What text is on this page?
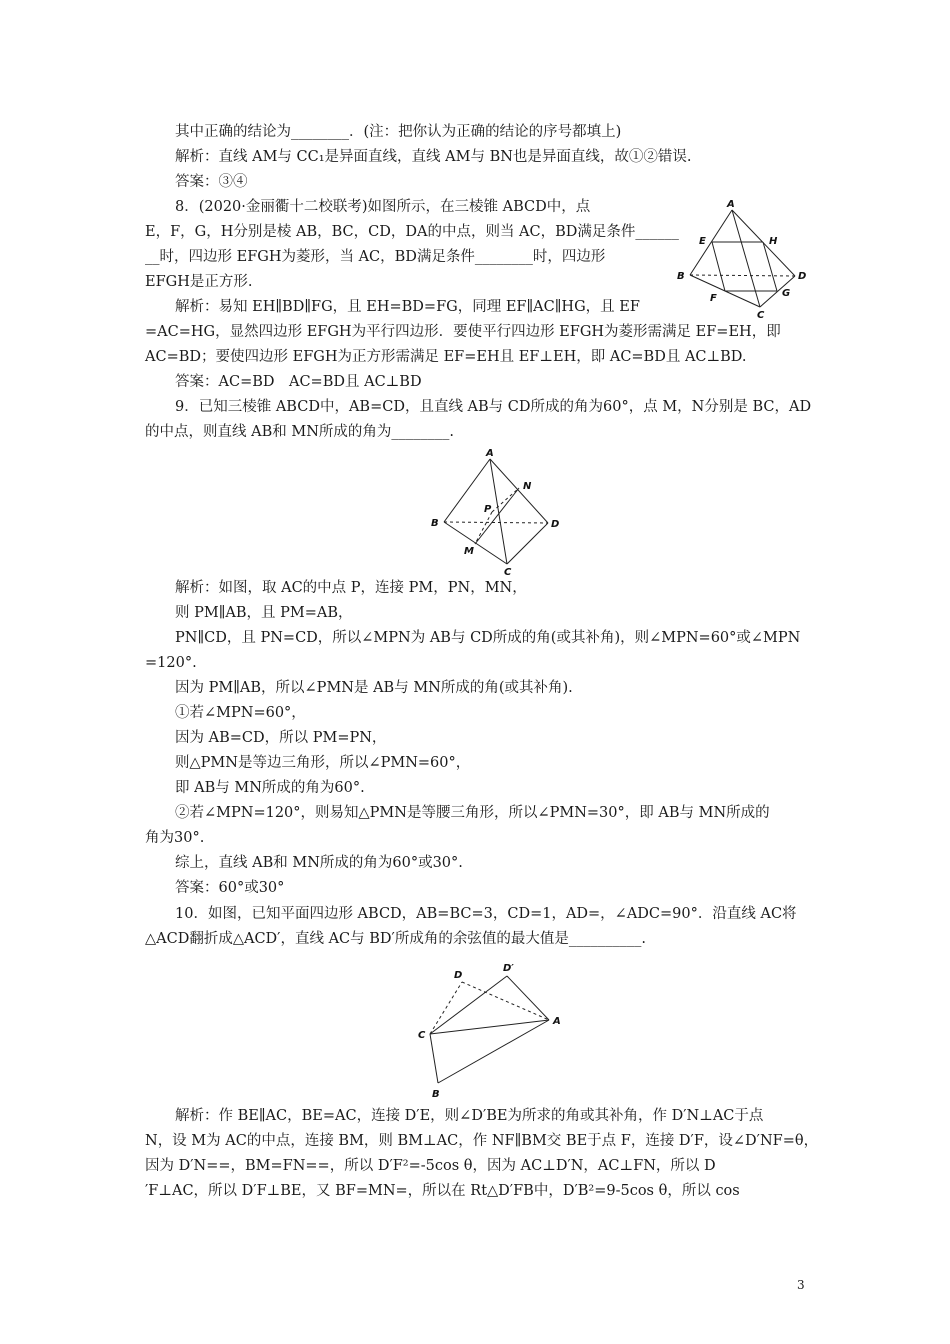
其中正确的结论为________．(注：把你认为正确的结论的序号都填上)
解析：直线 AM与 CC₁是异面直线，直线 AM与 BN也是异面直线，故①②错误.
答案：③④
8．(2020·金丽衢十二校联考)如图所示，在三棱锥 ABCD中，点
E，F，G，H分别是棱 AB，BC，CD，DA的中点，则当 AC，BD满足条件______
__时，四边形 EFGH为菱形，当 AC，BD满足条件________时，四边形
EFGH是正方形.
解析：易知 EH∥BD∥FG，且 EH=BD=FG，同理 EF∥AC∥HG，且 EF
=AC=HG，显然四边形 EFGH为平行四边形．要使平行四边形 EFGH为菱形需满足 EF=EH，即
AC=BD；要使四边形 EFGH为正方形需满足 EF=EH且 EF⊥EH，即 AC=BD且 AC⊥BD.
答案：AC=BD　AC=BD且 AC⊥BD
9．已知三棱锥 ABCD中，AB=CD，且直线 AB与 CD所成的角为60°，点 M，N分别是 BC，AD
的中点，则直线 AB和 MN所成的角为________.
解析：如图，取 AC的中点 P，连接 PM，PN，MN，
则 PM∥AB，且 PM=AB，
PN∥CD，且 PN=CD，所以∠MPN为 AB与 CD所成的角(或其补角)，则∠MPN=60°或∠MPN
=120°.
因为 PM∥AB，所以∠PMN是 AB与 MN所成的角(或其补角).
①若∠MPN=60°，
因为 AB=CD，所以 PM=PN，
则△PMN是等边三角形，所以∠PMN=60°，
即 AB与 MN所成的角为60°.
②若∠MPN=120°，则易知△PMN是等腰三角形，所以∠PMN=30°，即 AB与 MN所成的
角为30°.
综上，直线 AB和 MN所成的角为60°或30°.
答案：60°或30°
10．如图，已知平面四边形 ABCD，AB=BC=3，CD=1，AD=，∠ADC=90°．沿直线 AC将
△ACD翻折成△ACD′，直线 AC与 BD′所成角的余弦值的最大值是__________.
解析：作 BE∥AC，BE=AC，连接 D′E，则∠D′BE为所求的角或其补角，作 D′N⊥AC于点
N，设 M为 AC的中点，连接 BM，则 BM⊥AC，作 NF∥BM交 BE于点 F，连接 D′F，设∠D′NF=θ，
因为 D′N==，BM=FN==，所以 D′F²=-5cos θ，因为 AC⊥D′N，AC⊥FN，所以 D
′F⊥AC，所以 D′F⊥BE，又 BF=MN=，所以在 Rt△D′FB中，D′B²=9-5cos θ，所以 cos
A
E	H
B	D
F	G
C
A
N
B
P
D
M
C
D
D′
C
A
B
3
